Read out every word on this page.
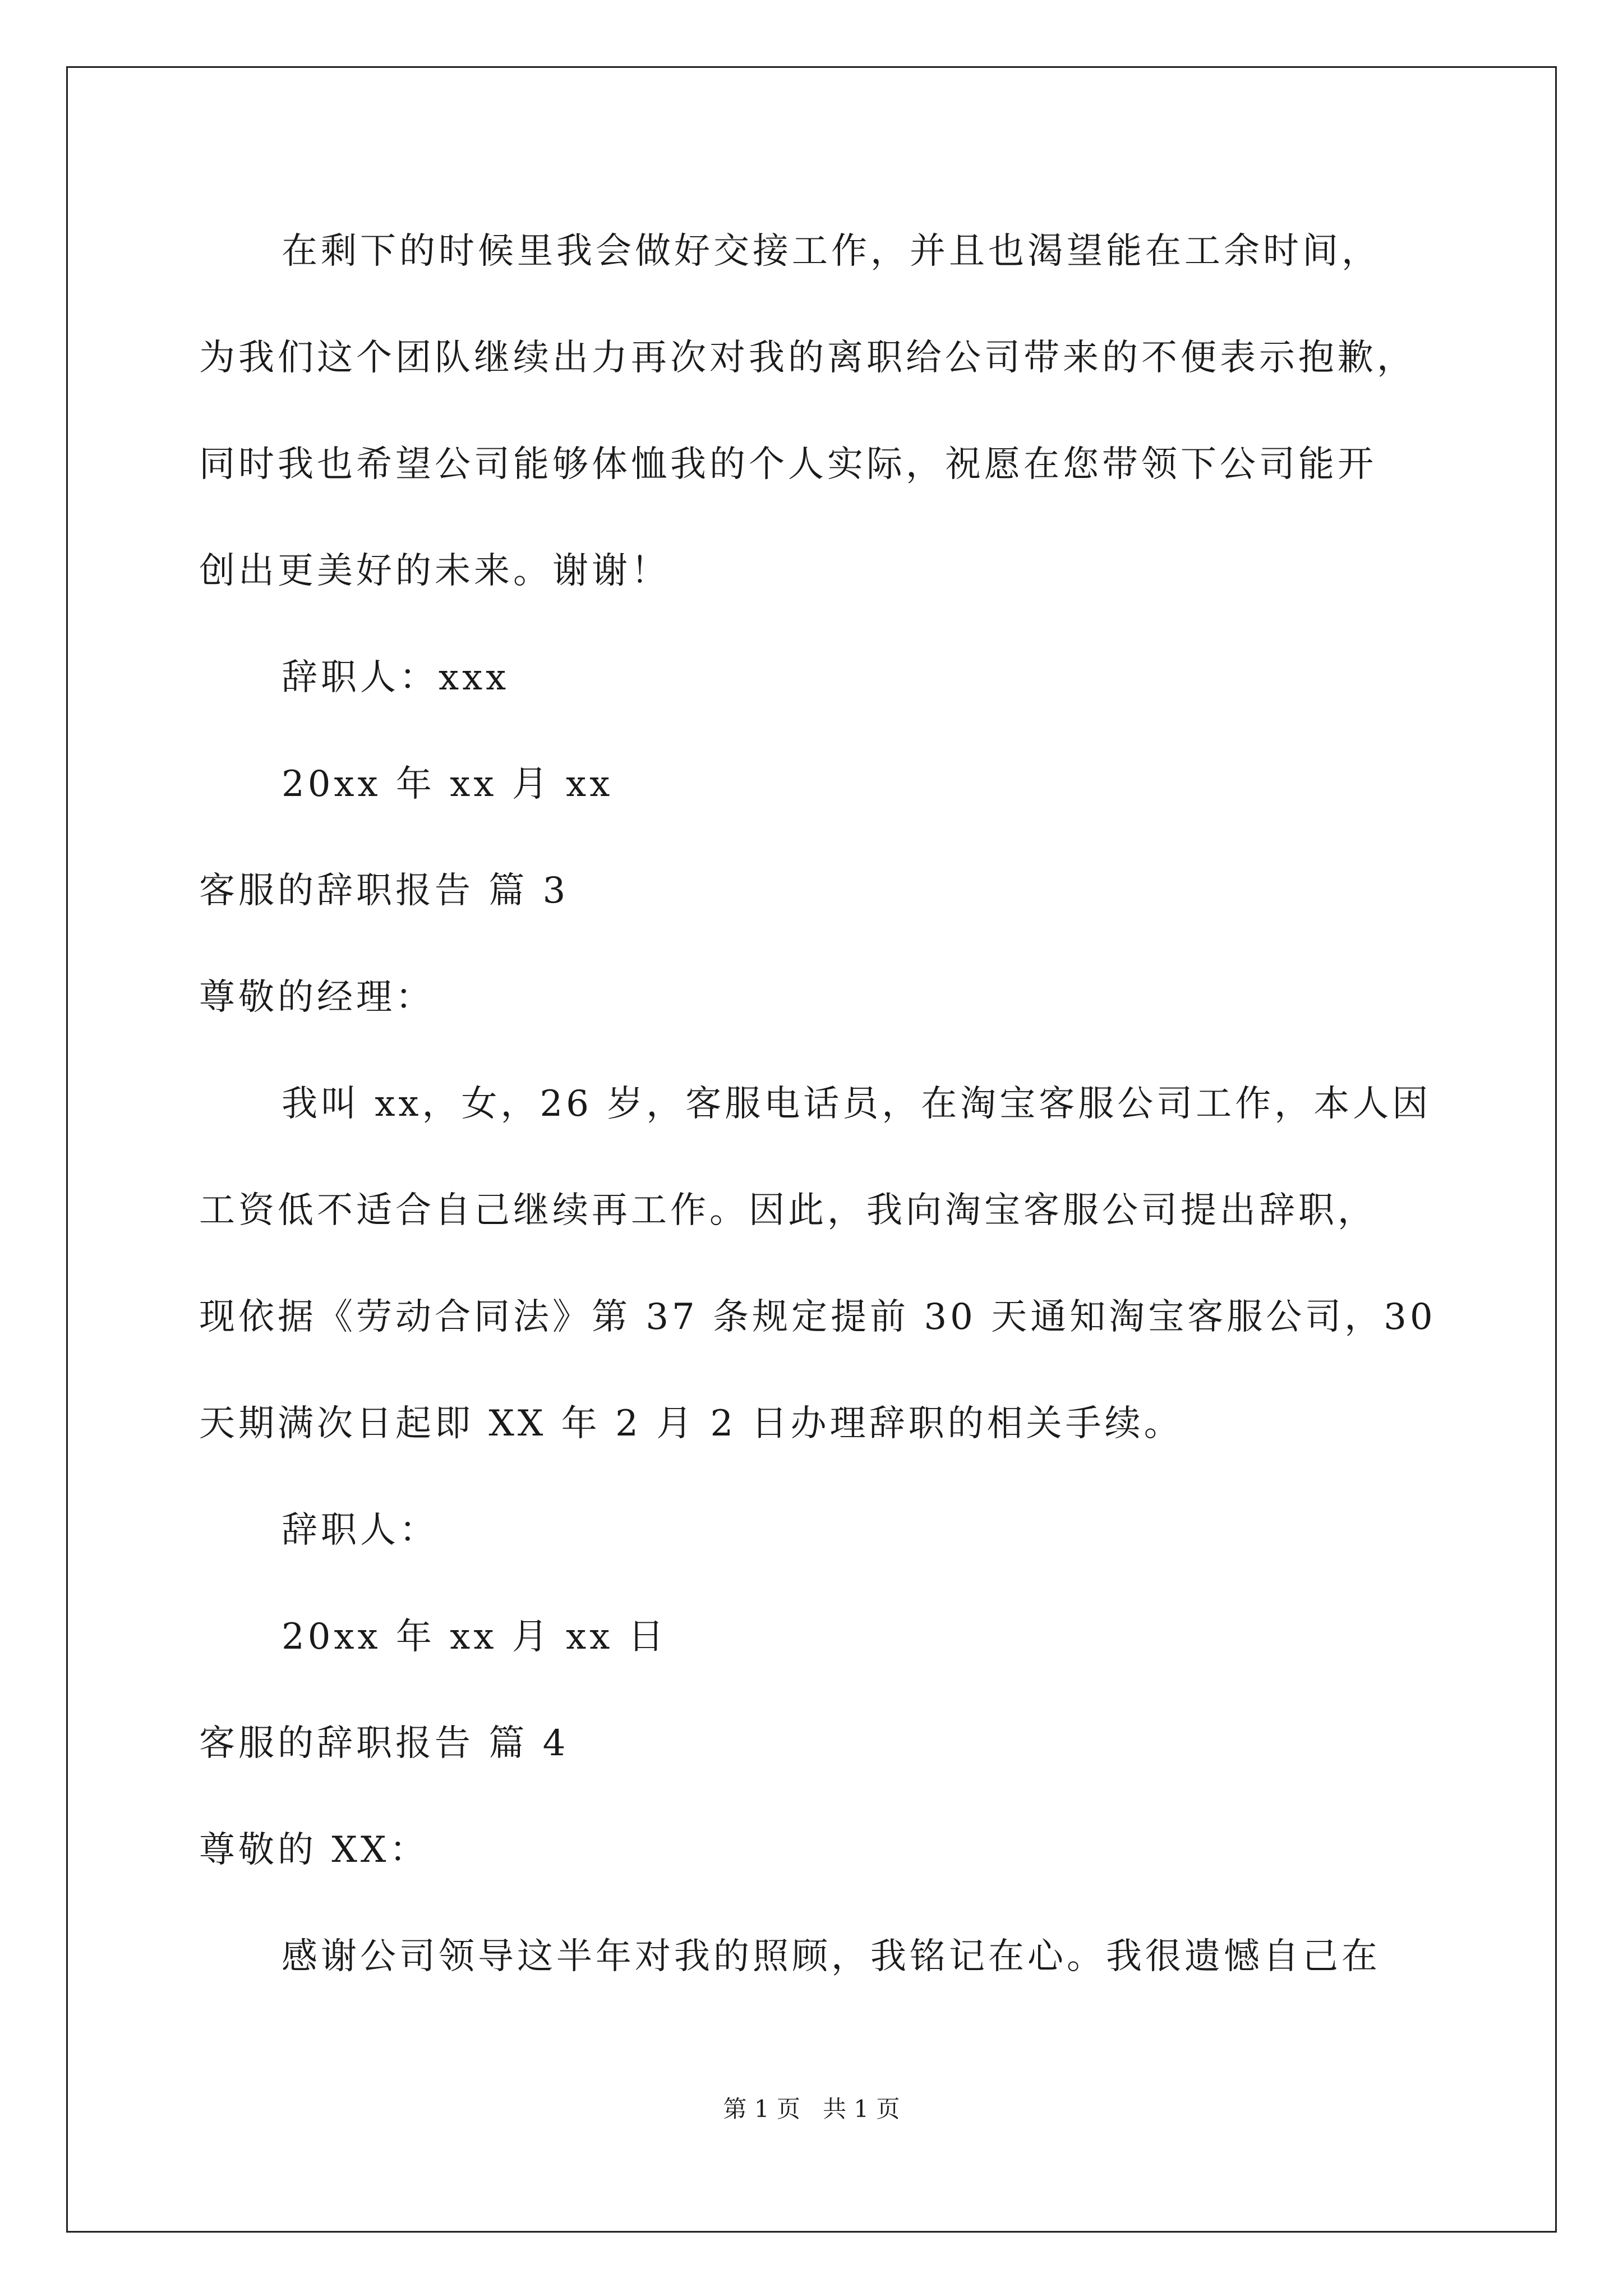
在剩下的时候里我会做好交接工作，并且也渴望能在工余时间，
为我们这个团队继续出力再次对我的离职给公司带来的不便表示抱歉，
同时我也希望公司能够体恤我的个人实际，祝愿在您带领下公司能开
创出更美好的未来。谢谢！
辞职人：xxx
20xx 年 xx 月 xx
客服的辞职报告 篇 3
尊敬的经理：
我叫 xx，女，26 岁，客服电话员，在淘宝客服公司工作，本人因
工资低不适合自己继续再工作。因此，我向淘宝客服公司提出辞职，
现依据《劳动合同法》第 37 条规定提前 30 天通知淘宝客服公司，30
天期满次日起即 XX 年 2 月 2 日办理辞职的相关手续。
辞职人：
20xx 年 xx 月 xx 日
客服的辞职报告 篇 4
尊敬的 XX：
感谢公司领导这半年对我的照顾，我铭记在心。我很遗憾自己在
第 1 页   共 1 页
